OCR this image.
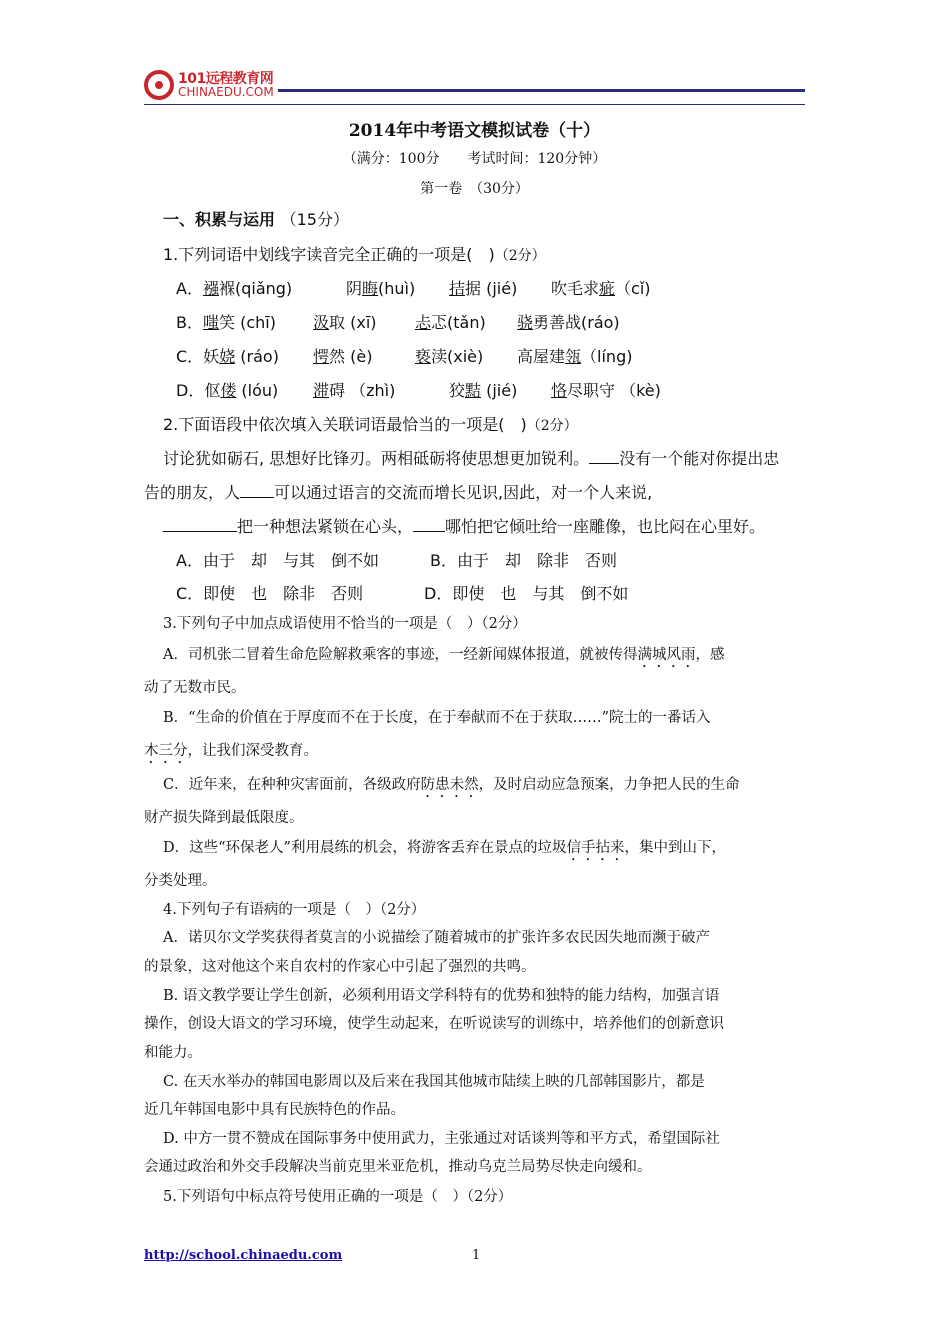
101远程教育网
CHINAEDU.COM
2014年中考语文模拟试卷（十）
（满分：100分　　考试时间：120分钟）
第一卷　（30分）
一、积累与运用 （15分）
1.下列词语中划线字读音完全正确的一项是(　)（2分）
A．襁褓(qiǎng)	阴晦(huì) 拮据 (jié) 吹毛求疵（cǐ)
B．嗤笑 (chī) 汲取 (xī) 忐忑(tǎn) 骁勇善战(ráo)
C．妖娆 (ráo) 愕然 (è)	亵渎(xiè) 高屋建瓴（líng)
D．伛偻 (lóu) 滞碍 （zhì)	狡黠 (jié) 恪尽职守 （kè)
2.下面语段中依次填入关联词语最恰当的一项是(　)（2分）
讨论犹如砺石, 思想好比锋刃。两相砥砺将使思想更加锐利。 没有一个能对你提出忠
告的朋友，人 可以通过语言的交流而增长见识,因此，对一个人来说,
把一种想法紧锁在心头， 哪怕把它倾吐给一座雕像，也比闷在心里好。
A．由于　却　与其　倒不如	B．由于　却　除非　否则
C．即使　也　除非　否则	D．即使　也　与其　倒不如
3.下列句子中加点成语使用不恰当的一项是（　）（2分）
A．司机张二冒着生命危险解救乘客的事迹，一经新闻媒体报道，就被传得满城风雨，感
动了无数市民。
B．“生命的价值在于厚度而不在于长度，在于奉献而不在于获取……”院士的一番话入
木三分，让我们深受教育。
C．近年来，在种种灾害面前，各级政府防患未然，及时启动应急预案，力争把人民的生命
财产损失降到最低限度。
D．这些“环保老人”利用晨练的机会，将游客丢弃在景点的垃圾信手拈来，集中到山下，
分类处理。
4.下列句子有语病的一项是（　）（2分）
A．诺贝尔文学奖获得者莫言的小说描绘了随着城市的扩张许多农民因失地而濒于破产
的景象，这对他这个来自农村的作家心中引起了强烈的共鸣。
B. 语文教学要让学生创新，必须利用语文学科特有的优势和独特的能力结构，加强言语
操作，创设大语文的学习环境，使学生动起来，在听说读写的训练中，培养他们的创新意识
和能力。
C. 在天水举办的韩国电影周以及后来在我国其他城市陆续上映的几部韩国影片，都是
近几年韩国电影中具有民族特色的作品。
D. 中方一贯不赞成在国际事务中使用武力，主张通过对话谈判等和平方式，希望国际社
会通过政治和外交手段解决当前克里米亚危机，推动乌克兰局势尽快走向缓和。
5.下列语句中标点符号使用正确的一项是（　）（2分）
http://school.chinaedu.com	1
